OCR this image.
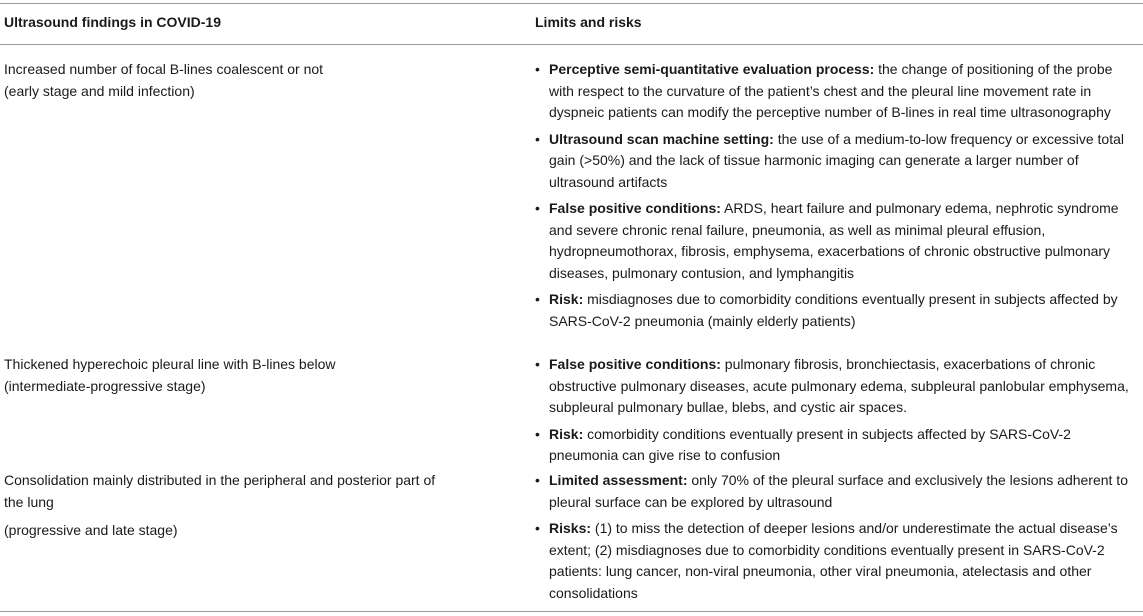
Ultrasound findings in COVID-19	Limits and risks
Increased number of focal B-lines coalescent or not
(early stage and mild infection)
• Perceptive semi-quantitative evaluation process: the change of positioning of the probe with respect to the curvature of the patient’s chest and the pleural line movement rate in dyspneic patients can modify the perceptive number of B-lines in real time ultrasonography
• Ultrasound scan machine setting: the use of a medium-to-low frequency or excessive total gain (>50%) and the lack of tissue harmonic imaging can generate a larger number of ultrasound artifacts
• False positive conditions: ARDS, heart failure and pulmonary edema, nephrotic syndrome and severe chronic renal failure, pneumonia, as well as minimal pleural effusion, hydropneumothorax, fibrosis, emphysema, exacerbations of chronic obstructive pulmonary diseases, pulmonary contusion, and lymphangitis
• Risk: misdiagnoses due to comorbidity conditions eventually present in subjects affected by SARS-CoV-2 pneumonia (mainly elderly patients)
Thickened hyperechoic pleural line with B-lines below
(intermediate-progressive stage)
• False positive conditions: pulmonary fibrosis, bronchiectasis, exacerbations of chronic obstructive pulmonary diseases, acute pulmonary edema, subpleural panlobular emphysema, subpleural pulmonary bullae, blebs, and cystic air spaces.
• Risk: comorbidity conditions eventually present in subjects affected by SARS-CoV-2 pneumonia can give rise to confusion
Consolidation mainly distributed in the peripheral and posterior part of
the lung
(progressive and late stage)
• Limited assessment: only 70% of the pleural surface and exclusively the lesions adherent to pleural surface can be explored by ultrasound
• Risks: (1) to miss the detection of deeper lesions and/or underestimate the actual disease’s extent; (2) misdiagnoses due to comorbidity conditions eventually present in SARS-CoV-2 patients: lung cancer, non-viral pneumonia, other viral pneumonia, atelectasis and other consolidations
